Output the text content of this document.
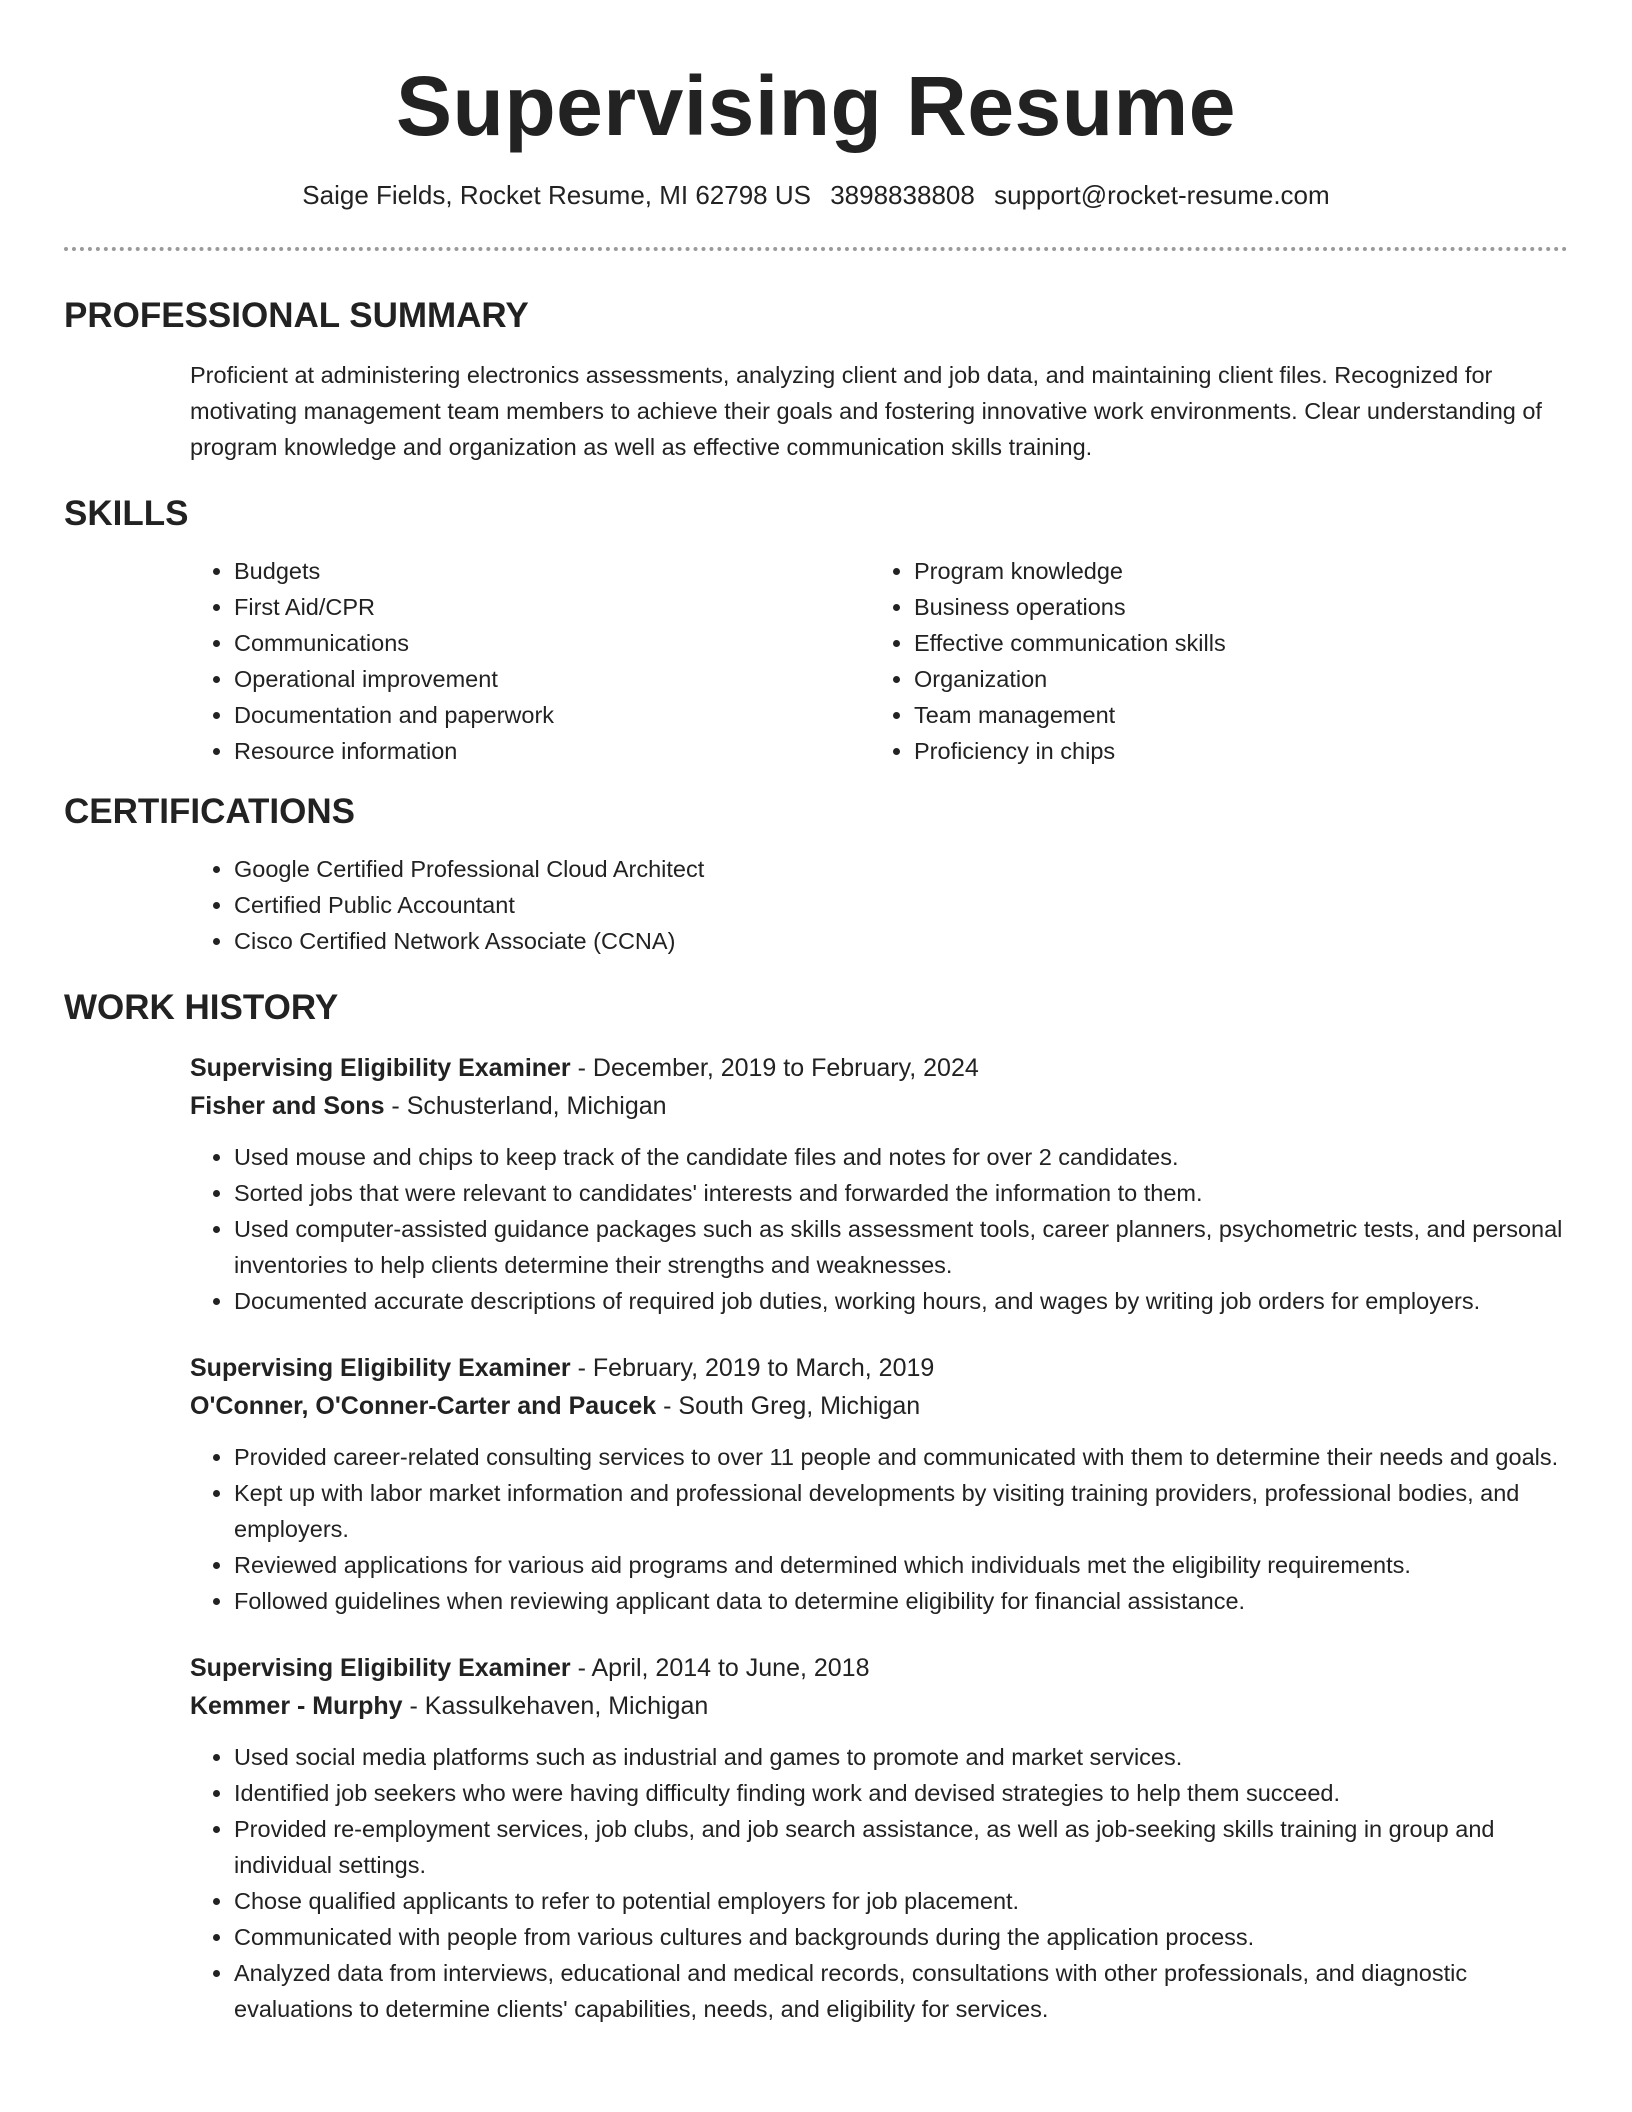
Supervising Resume
Saige Fields, Rocket Resume, MI 62798 US 3898838808 support@rocket-resume.com
PROFESSIONAL SUMMARY

Proficient at administering electronics assessments, analyzing client and job data, and maintaining client files. Recognized for motivating management team members to achieve their goals and fostering innovative work environments. Clear understanding of program knowledge and organization as well as effective communication skills training.

SKILLS
• Budgets
• First Aid/CPR
• Communications
• Operational improvement
• Documentation and paperwork
• Resource information
• Program knowledge
• Business operations
• Effective communication skills
• Organization
• Team management
• Proficiency in chips
CERTIFICATIONS
• Google Certified Professional Cloud Architect
• Certified Public Accountant
• Cisco Certified Network Associate (CCNA)
WORK HISTORY
Supervising Eligibility Examiner - December, 2019 to February, 2024
Fisher and Sons - Schusterland, Michigan
• Used mouse and chips to keep track of the candidate files and notes for over 2 candidates.
• Sorted jobs that were relevant to candidates' interests and forwarded the information to them.
• Used computer-assisted guidance packages such as skills assessment tools, career planners, psychometric tests, and personal inventories to help clients determine their strengths and weaknesses.
• Documented accurate descriptions of required job duties, working hours, and wages by writing job orders for employers.
Supervising Eligibility Examiner - February, 2019 to March, 2019
O'Conner, O'Conner-Carter and Paucek - South Greg, Michigan
• Provided career-related consulting services to over 11 people and communicated with them to determine their needs and goals.
• Kept up with labor market information and professional developments by visiting training providers, professional bodies, and employers.
• Reviewed applications for various aid programs and determined which individuals met the eligibility requirements.
• Followed guidelines when reviewing applicant data to determine eligibility for financial assistance.
Supervising Eligibility Examiner - April, 2014 to June, 2018
Kemmer - Murphy - Kassulkehaven, Michigan
• Used social media platforms such as industrial and games to promote and market services.
• Identified job seekers who were having difficulty finding work and devised strategies to help them succeed.
• Provided re-employment services, job clubs, and job search assistance, as well as job-seeking skills training in group and individual settings.
• Chose qualified applicants to refer to potential employers for job placement.
• Communicated with people from various cultures and backgrounds during the application process.
• Analyzed data from interviews, educational and medical records, consultations with other professionals, and diagnostic evaluations to determine clients' capabilities, needs, and eligibility for services.
